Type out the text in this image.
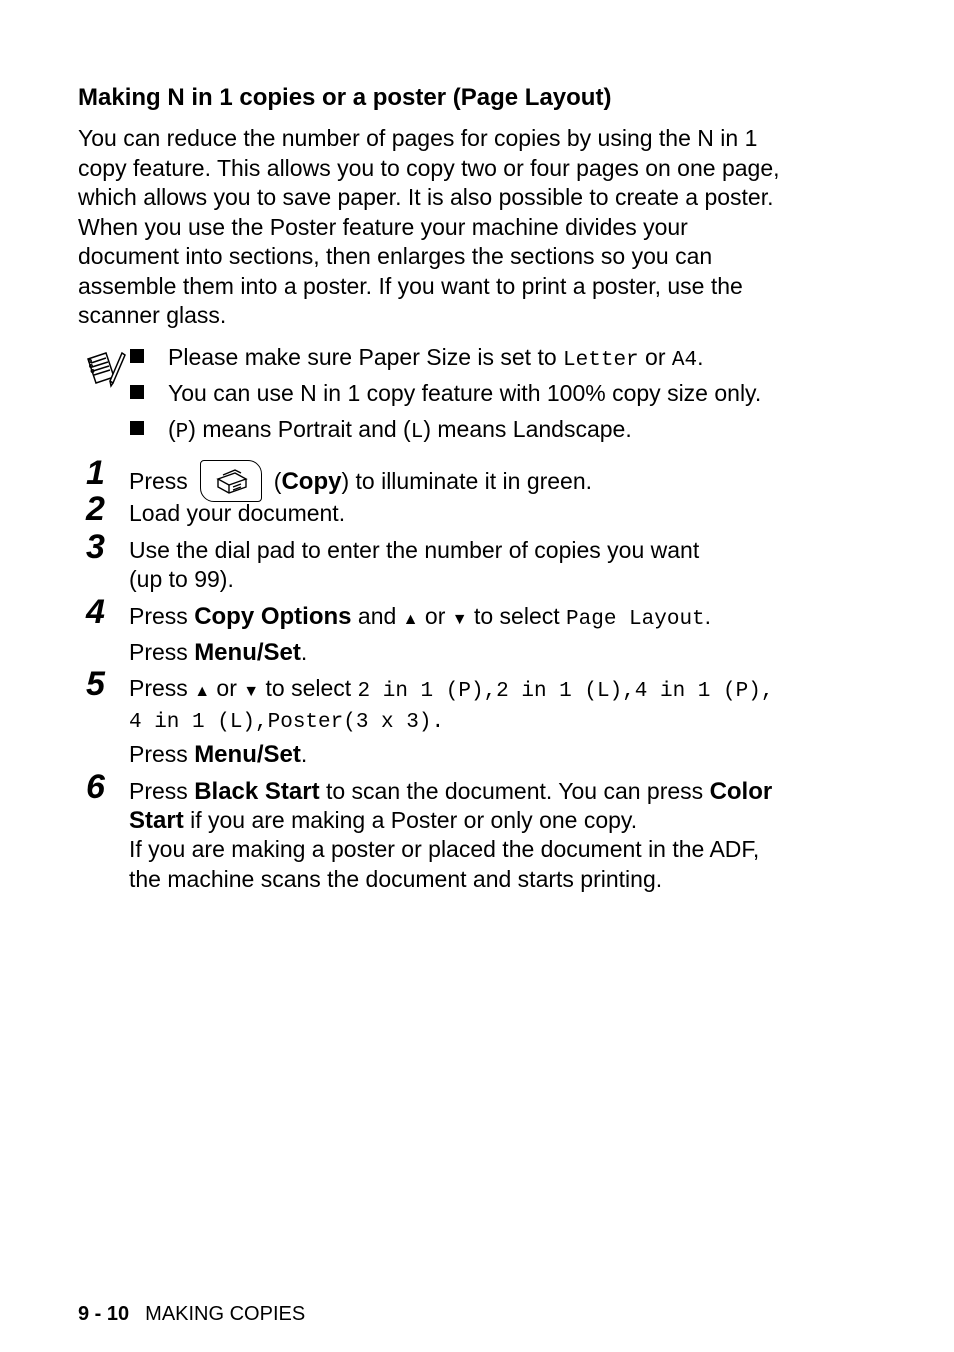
Making N in 1 copies or a poster (Page Layout)

You can reduce the number of pages for copies by using the N in 1
copy feature. This allows you to copy two or four pages on one page,
which allows you to save paper. It is also possible to create a poster.
When you use the Poster feature your machine divides your
document into sections, then enlarges the sections so you can
assemble them into a poster. If you want to print a poster, use the
scanner glass.

Please make sure Paper Size is set to Letter or A4.
You can use N in 1 copy feature with 100% copy size only.
(P) means Portrait and (L) means Landscape.
1 Press	(Copy) to illuminate it in green.
2 Load your document.
3 Use the dial pad to enter the number of copies you want
(up to 99).
4 Press Copy Options and ▲ or ▼ to select Page Layout.
Press Menu/Set.
5 Press ▲ or ▼ to select 2 in 1 (P),2 in 1 (L),4 in 1 (P),
4 in 1 (L),Poster(3 x 3).
Press Menu/Set.
6 Press Black Start to scan the document. You can press Color
Start if you are making a Poster or only one copy.
If you are making a poster or placed the document in the ADF,
the machine scans the document and starts printing.
9 - 10 MAKING COPIES
